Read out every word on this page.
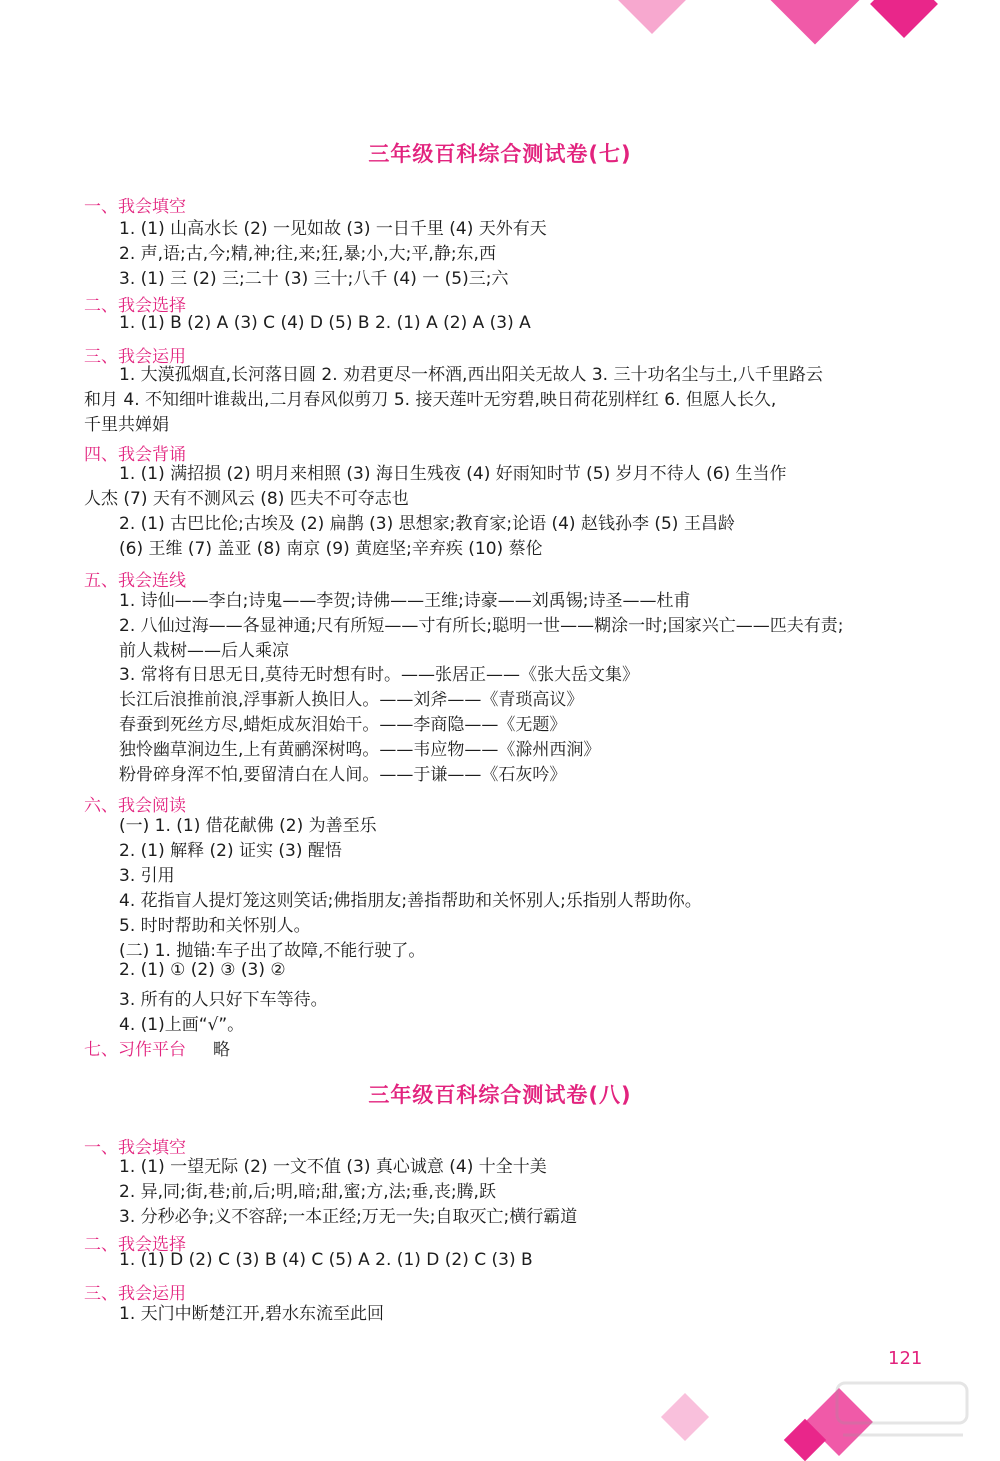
三年级百科综合测试卷(七)
一、我会填空
1. (1) 山高水长 (2) 一见如故 (3) 一日千里 (4) 天外有天
2. 声,语;古,今;精,神;往,来;狂,暴;小,大;平,静;东,西
3. (1) 三 (2) 三;二十 (3) 三十;八千 (4) 一 (5)三;六
二、我会选择
1. (1) B (2) A (3) C (4) D (5) B 2. (1) A (2) A (3) A
三、我会运用
1. 大漠孤烟直,长河落日圆 2. 劝君更尽一杯酒,西出阳关无故人 3. 三十功名尘与土,八千里路云
和月 4. 不知细叶谁裁出,二月春风似剪刀 5. 接天莲叶无穷碧,映日荷花别样红 6. 但愿人长久,
千里共婵娟
四、我会背诵
1. (1) 满招损 (2) 明月来相照 (3) 海日生残夜 (4) 好雨知时节 (5) 岁月不待人 (6) 生当作
人杰 (7) 天有不测风云 (8) 匹夫不可夺志也
2. (1) 古巴比伦;古埃及 (2) 扁鹊 (3) 思想家;教育家;论语 (4) 赵钱孙李 (5) 王昌龄
(6) 王维 (7) 盖亚 (8) 南京 (9) 黄庭坚;辛弃疾 (10) 蔡伦
五、我会连线
1. 诗仙——李白;诗鬼——李贺;诗佛——王维;诗豪——刘禹锡;诗圣——杜甫
2. 八仙过海——各显神通;尺有所短——寸有所长;聪明一世——糊涂一时;国家兴亡——匹夫有责;
前人栽树——后人乘凉
3. 常将有日思无日,莫待无时想有时。——张居正——《张大岳文集》
长江后浪推前浪,浮事新人换旧人。——刘斧——《青琐高议》
春蚕到死丝方尽,蜡炬成灰泪始干。——李商隐——《无题》
独怜幽草涧边生,上有黄鹂深树鸣。——韦应物——《滁州西涧》
粉骨碎身浑不怕,要留清白在人间。——于谦——《石灰吟》
六、我会阅读
(一) 1. (1) 借花献佛 (2) 为善至乐
2. (1) 解释 (2) 证实 (3) 醒悟
3. 引用
4. 花指盲人提灯笼这则笑话;佛指朋友;善指帮助和关怀别人;乐指别人帮助你。
5. 时时帮助和关怀别人。
(二) 1. 抛锚:车子出了故障,不能行驶了。
2. (1) ① (2) ③ (3) ②
3. 所有的人只好下车等待。
4. (1)上画“√”。
七、习作平台 略
三年级百科综合测试卷(八)
一、我会填空
1. (1) 一望无际 (2) 一文不值 (3) 真心诚意 (4) 十全十美
2. 异,同;街,巷;前,后;明,暗;甜,蜜;方,法;垂,丧;腾,跃
3. 分秒必争;义不容辞;一本正经;万无一失;自取灭亡;横行霸道
二、我会选择
1. (1) D (2) C (3) B (4) C (5) A 2. (1) D (2) C (3) B
三、我会运用
1. 天门中断楚江开,碧水东流至此回
121
